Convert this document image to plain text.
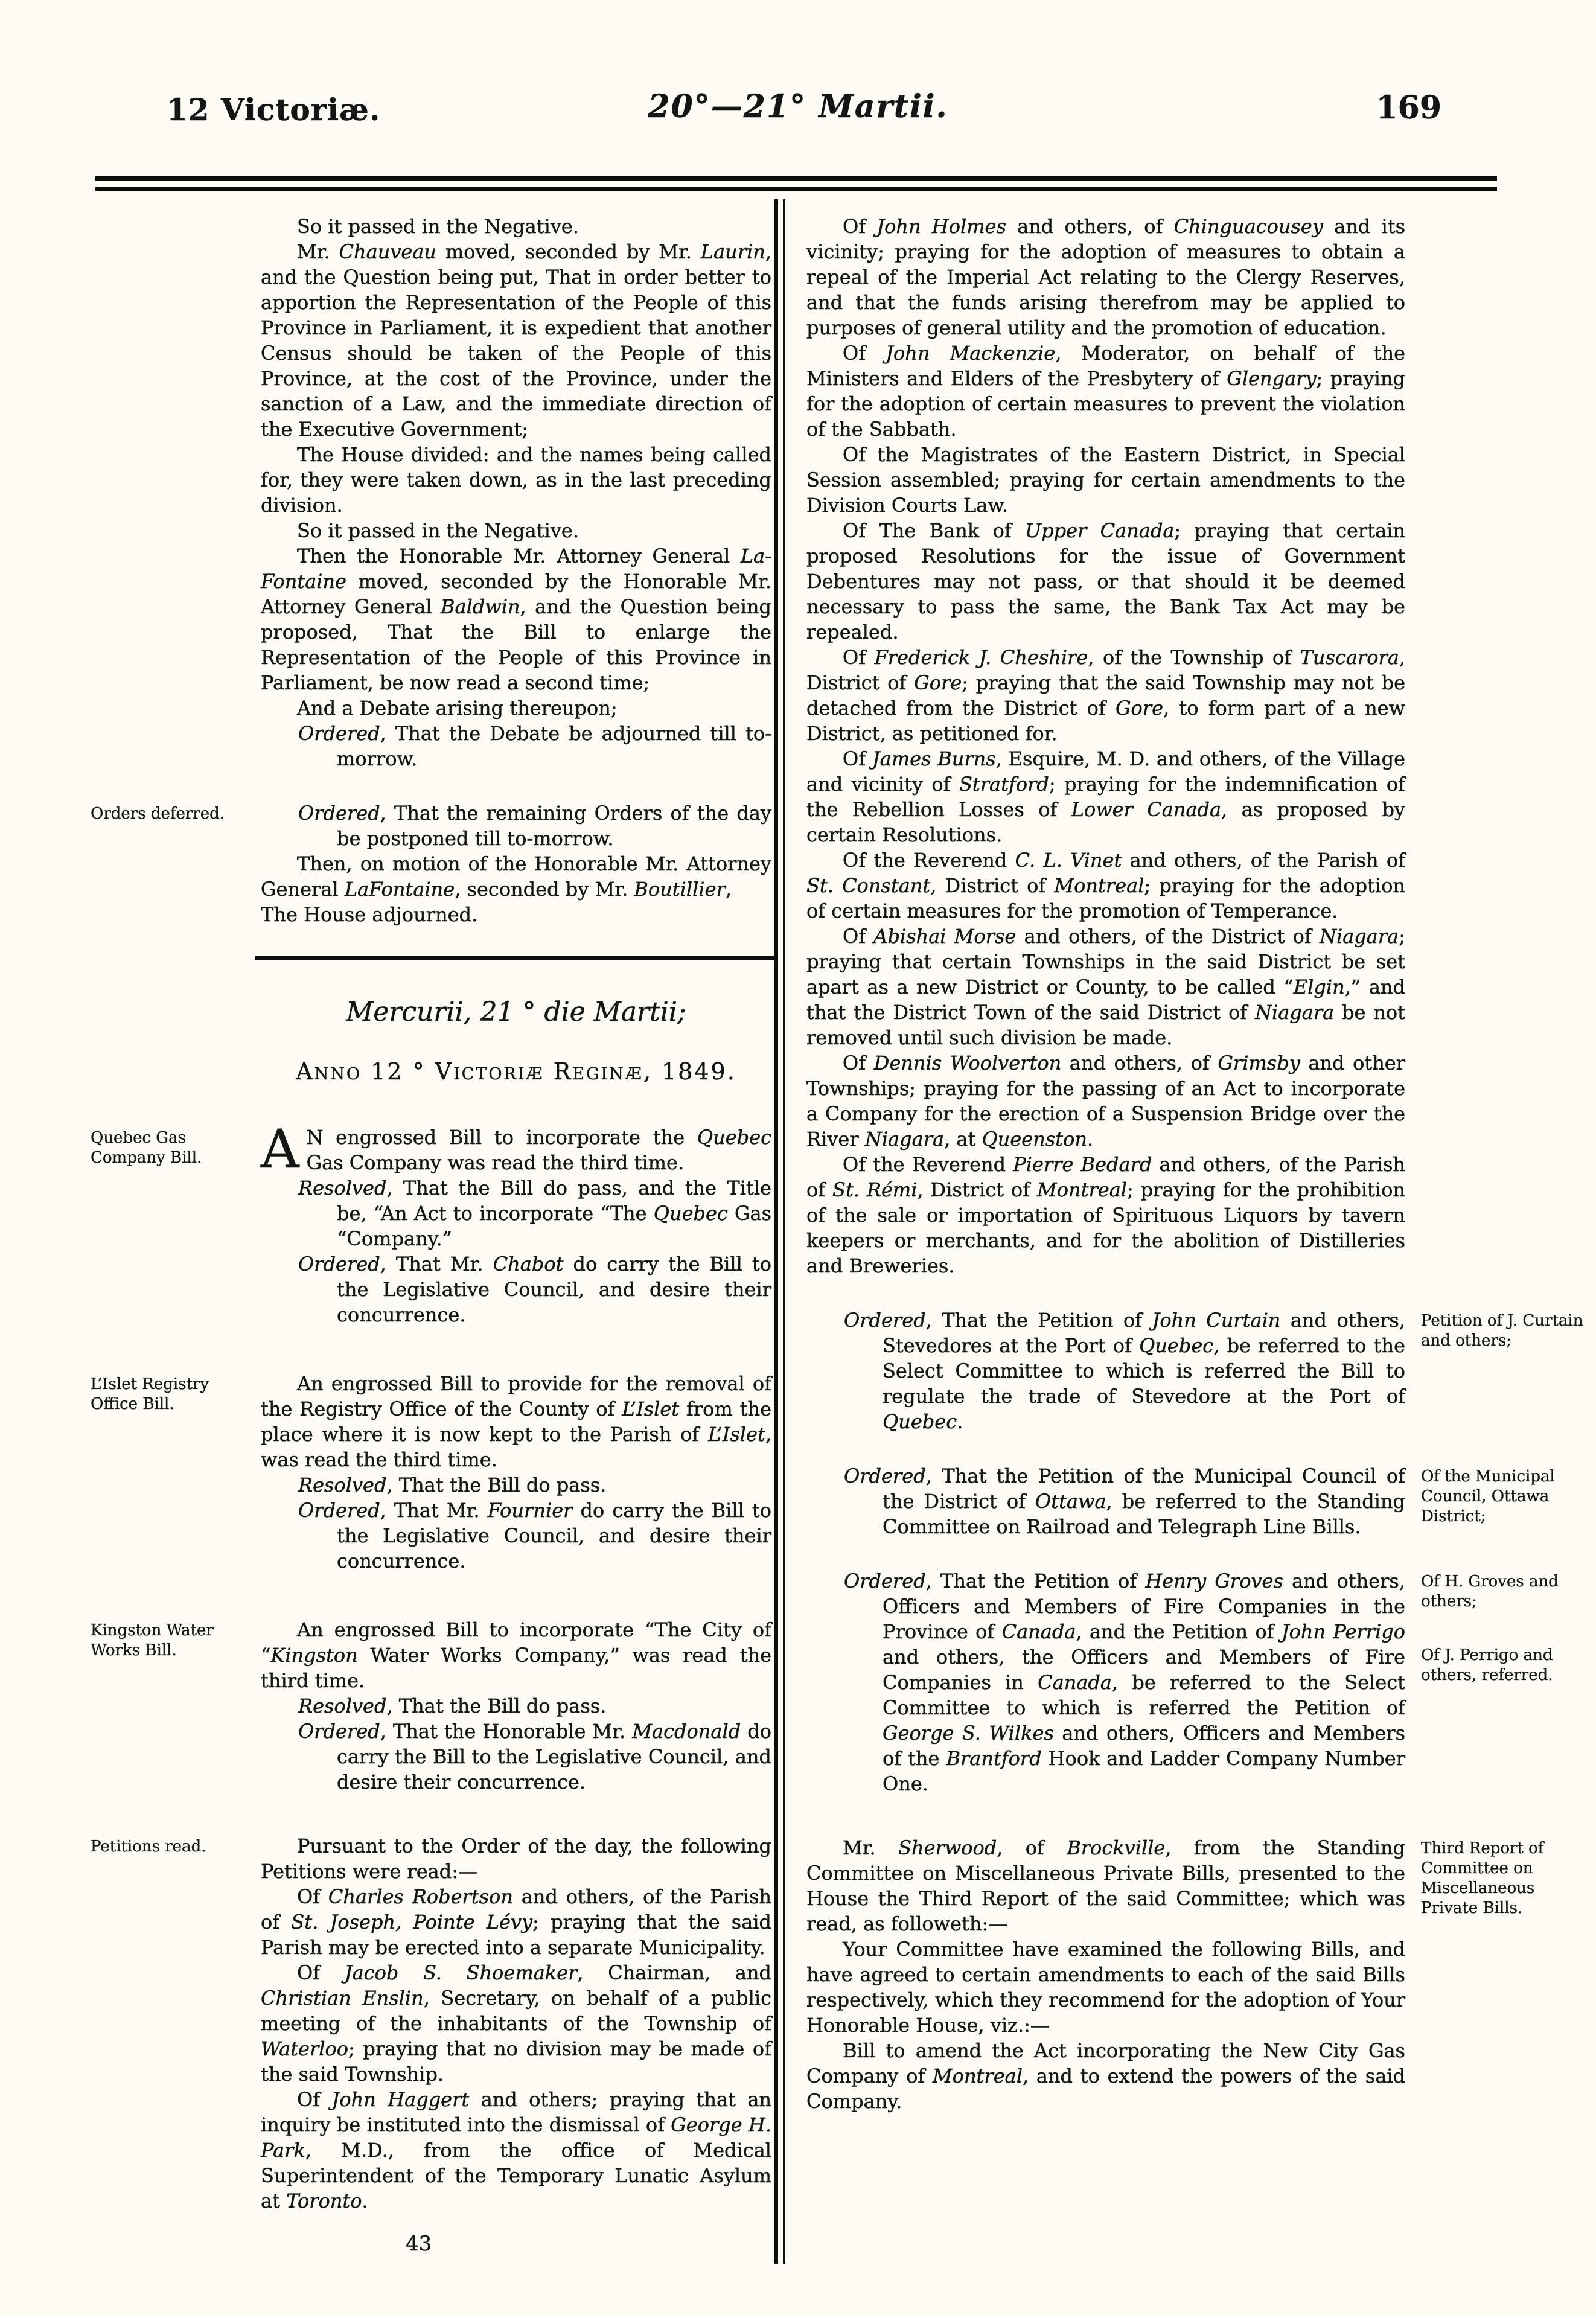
12 Victoriæ.	20°—21° Martii.	169

So it passed in the Negative.

Mr. Chauveau moved, seconded by Mr. Laurin, and the Question being put, That in order better to apportion the Representation of the People of this Province in Parliament, it is expedient that another Census should be taken of the People of this Province, at the cost of the Province, under the sanction of a Law, and the immediate direction of the Executive Government;

The House divided: and the names being called for, they were taken down, as in the last preceding division.

So it passed in the Negative.

Then the Honorable Mr. Attorney General La-Fontaine moved, seconded by the Honorable Mr. Attorney General Baldwin, and the Question being proposed, That the Bill to enlarge the Representation of the People of this Province in Parliament, be now read a second time;

And a Debate arising thereupon;

Ordered, That the Debate be adjourned till to-morrow.

Orders deferred.	Ordered, That the remaining Orders of the day be postponed till to-morrow.

Then, on motion of the Honorable Mr. Attorney General LaFontaine, seconded by Mr. Boutillier,

The House adjourned.

Mercurii, 21 ° die Martii;
Anno 12 ° Victoriæ Reginæ, 1849.
Quebec Gas Company Bill.	A N engrossed Bill to incorporate the Quebec Gas Company was read the third time.

Resolved, That the Bill do pass, and the Title be, “An Act to incorporate “The Quebec Gas “Company.”

Ordered, That Mr. Chabot do carry the Bill to the Legislative Council, and desire their concurrence.

L’Islet Registry Office Bill.

An engrossed Bill to provide for the removal of the Registry Office of the County of L’Islet from the place where it is now kept to the Parish of L’Islet, was read the third time.

Resolved, That the Bill do pass.

Ordered, That Mr. Fournier do carry the Bill to the Legislative Council, and desire their concurrence.

Kingston Water Works Bill.

An engrossed Bill to incorporate “The City of “Kingston Water Works Company,” was read the third time.

Resolved, That the Bill do pass.

Ordered, That the Honorable Mr. Macdonald do carry the Bill to the Legislative Council, and desire their concurrence.

Petitions read.	Pursuant to the Order of the day, the following Petitions were read:—

Of Charles Robertson and others, of the Parish of St. Joseph, Pointe Lévy; praying that the said Parish may be erected into a separate Municipality.

Of Jacob S. Shoemaker, Chairman, and Christian Enslin, Secretary, on behalf of a public meeting of the inhabitants of the Township of Waterloo; praying that no division may be made of the said Township.

Of John Haggert and others; praying that an inquiry be instituted into the dismissal of George H. Park, M.D., from the office of Medical Superintendent of the Temporary Lunatic Asylum at Toronto.

43

Of John Holmes and others, of Chinguacousey and its vicinity; praying for the adoption of measures to obtain a repeal of the Imperial Act relating to the Clergy Reserves, and that the funds arising therefrom may be applied to purposes of general utility and the promotion of education.

Of John Mackenzie, Moderator, on behalf of the Ministers and Elders of the Presbytery of Glengary; praying for the adoption of certain measures to prevent the violation of the Sabbath.

Of the Magistrates of the Eastern District, in Special Session assembled; praying for certain amendments to the Division Courts Law.

Of The Bank of Upper Canada; praying that certain proposed Resolutions for the issue of Government Debentures may not pass, or that should it be deemed necessary to pass the same, the Bank Tax Act may be repealed.

Of Frederick J. Cheshire, of the Township of Tuscarora, District of Gore; praying that the said Township may not be detached from the District of Gore, to form part of a new District, as petitioned for.

Of James Burns, Esquire, M. D. and others, of the Village and vicinity of Stratford; praying for the indemnification of the Rebellion Losses of Lower Canada, as proposed by certain Resolutions.

Of the Reverend C. L. Vinet and others, of the Parish of St. Constant, District of Montreal; praying for the adoption of certain measures for the promotion of Temperance.

Of Abishai Morse and others, of the District of Niagara; praying that certain Townships in the said District be set apart as a new District or County, to be called “Elgin,” and that the District Town of the said District of Niagara be not removed until such division be made.

Of Dennis Woolverton and others, of Grimsby and other Townships; praying for the passing of an Act to incorporate a Company for the erection of a Suspension Bridge over the River Niagara, at Queenston.

Of the Reverend Pierre Bedard and others, of the Parish of St. Rémi, District of Montreal; praying for the prohibition of the sale or importation of Spirituous Liquors by tavern keepers or merchants, and for the abolition of Distilleries and Breweries.

Petition of J. Curtain and others;

Ordered, That the Petition of John Curtain and others, Stevedores at the Port of Quebec, be referred to the Select Committee to which is referred the Bill to regulate the trade of Stevedore at the Port of Quebec.

Of the Municipal Council, Ottawa District;

Ordered, That the Petition of the Municipal Council of the District of Ottawa, be referred to the Standing Committee on Railroad and Telegraph Line Bills.

Of H. Groves and others;
Of J. Perrigo and others, referred.

Ordered, That the Petition of Henry Groves and others, Officers and Members of Fire Companies in the Province of Canada, and the Petition of John Perrigo and others, the Officers and Members of Fire Companies in Canada, be referred to the Select Committee to which is referred the Petition of George S. Wilkes and others, Officers and Members of the Brantford Hook and Ladder Company Number One.

Third Report of Committee on Miscellaneous Private Bills.

Mr. Sherwood, of Brockville, from the Standing Committee on Miscellaneous Private Bills, presented to the House the Third Report of the said Committee; which was read, as followeth:—

Your Committee have examined the following Bills, and have agreed to certain amendments to each of the said Bills respectively, which they recommend for the adoption of Your Honorable House, viz.:—

Bill to amend the Act incorporating the New City Gas Company of Montreal, and to extend the powers of the said Company.
